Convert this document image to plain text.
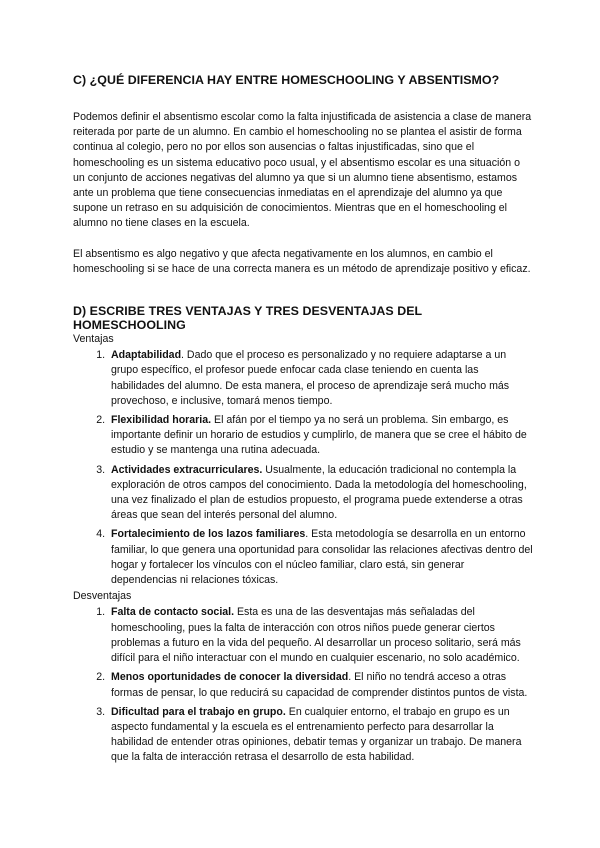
C) ¿QUÉ DIFERENCIA HAY ENTRE HOMESCHOOLING Y ABSENTISMO?

Podemos definir el absentismo escolar como la falta injustificada de asistencia a clase de manera reiterada por parte de un alumno. En cambio el homeschooling no se plantea el asistir de forma continua al colegio, pero no por ellos son ausencias o faltas injustificadas, sino que el homeschooling es un sistema educativo poco usual, y el absentismo escolar es una situación o un conjunto de acciones negativas del alumno ya que si un alumno tiene absentismo, estamos ante un problema que tiene consecuencias inmediatas en el aprendizaje del alumno ya que supone un retraso en su adquisición de conocimientos. Mientras que en el homeschooling el alumno no tiene clases en la escuela.

El absentismo es algo negativo y que afecta negativamente en los alumnos, en cambio el homeschooling si se hace de una correcta manera es un método de aprendizaje positivo y eficaz.

D) ESCRIBE TRES VENTAJAS Y TRES DESVENTAJAS DEL HOMESCHOOLING
Ventajas
1. Adaptabilidad. Dado que el proceso es personalizado y no requiere adaptarse a un grupo específico, el profesor puede enfocar cada clase teniendo en cuenta las habilidades del alumno. De esta manera, el proceso de aprendizaje será mucho más provechoso, e inclusive, tomará menos tiempo.
2. Flexibilidad horaria. El afán por el tiempo ya no será un problema. Sin embargo, es importante definir un horario de estudios y cumplirlo, de manera que se cree el hábito de estudio y se mantenga una rutina adecuada.
3. Actividades extracurriculares. Usualmente, la educación tradicional no contempla la exploración de otros campos del conocimiento. Dada la metodología del homeschooling, una vez finalizado el plan de estudios propuesto, el programa puede extenderse a otras áreas que sean del interés personal del alumno.
4. Fortalecimiento de los lazos familiares. Esta metodología se desarrolla en un entorno familiar, lo que genera una oportunidad para consolidar las relaciones afectivas dentro del hogar y fortalecer los vínculos con el núcleo familiar, claro está, sin generar dependencias ni relaciones tóxicas.
Desventajas
1. Falta de contacto social. Esta es una de las desventajas más señaladas del homeschooling, pues la falta de interacción con otros niños puede generar ciertos problemas a futuro en la vida del pequeño. Al desarrollar un proceso solitario, será más difícil para el niño interactuar con el mundo en cualquier escenario, no solo académico.
2. Menos oportunidades de conocer la diversidad. El niño no tendrá acceso a otras formas de pensar, lo que reducirá su capacidad de comprender distintos puntos de vista.
3. Dificultad para el trabajo en grupo. En cualquier entorno, el trabajo en grupo es un aspecto fundamental y la escuela es el entrenamiento perfecto para desarrollar la habilidad de entender otras opiniones, debatir temas y organizar un trabajo. De manera que la falta de interacción retrasa el desarrollo de esta habilidad.
